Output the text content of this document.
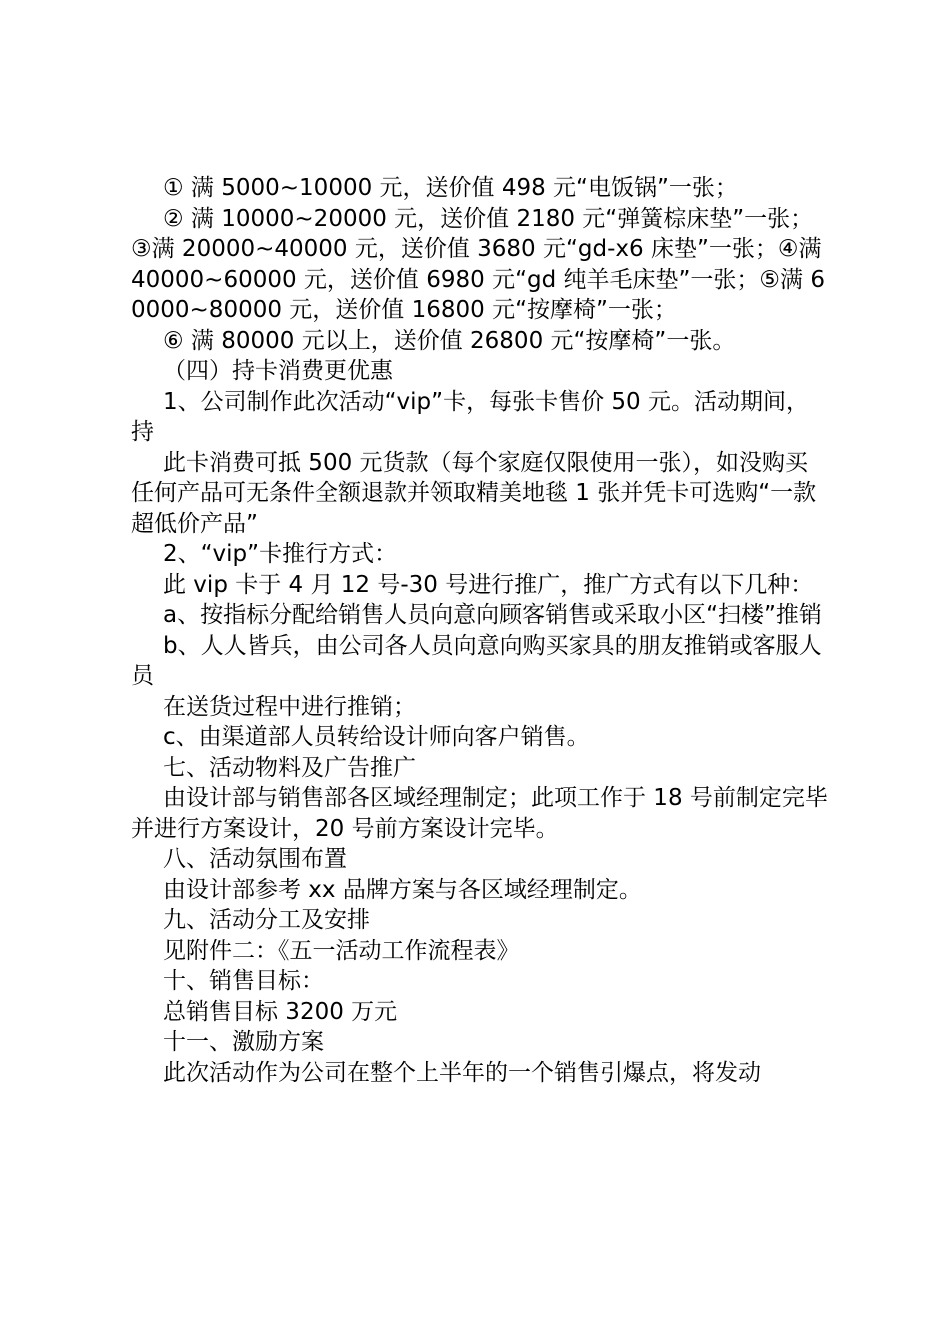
① 满 5000~10000 元，送价值 498 元“电饭锅”一张；

② 满 10000~20000 元，送价值 2180 元“弹簧棕床垫”一张；③满 20000~40000 元，送价值 3680 元“gd-x6 床垫”一张；④满 40000~60000 元，送价值 6980 元“gd 纯羊毛床垫”一张；⑤满 60000~80000 元，送价值 16800 元“按摩椅”一张；

⑥ 满 80000 元以上，送价值 26800 元“按摩椅”一张。

（四）持卡消费更优惠

1、公司制作此次活动“vip”卡，每张卡售价 50 元。活动期间，持

此卡消费可抵 500 元货款（每个家庭仅限使用一张），如没购买任何产品可无条件全额退款并领取精美地毯 1 张并凭卡可选购“一款超低价产品”

2、“vip”卡推行方式：

此 vip 卡于 4 月 12 号-30 号进行推广，推广方式有以下几种：

a、按指标分配给销售人员向意向顾客销售或采取小区“扫楼”推销

b、人人皆兵，由公司各人员向意向购买家具的朋友推销或客服人员

在送货过程中进行推销；

c、由渠道部人员转给设计师向客户销售。

七、活动物料及广告推广

由设计部与销售部各区域经理制定；此项工作于 18 号前制定完毕并进行方案设计，20 号前方案设计完毕。

八、活动氛围布置

由设计部参考 xx 品牌方案与各区域经理制定。

九、活动分工及安排

见附件二：《五一活动工作流程表》

十、销售目标：

总销售目标 3200 万元

十一、激励方案

此次活动作为公司在整个上半年的一个销售引爆点，将发动
